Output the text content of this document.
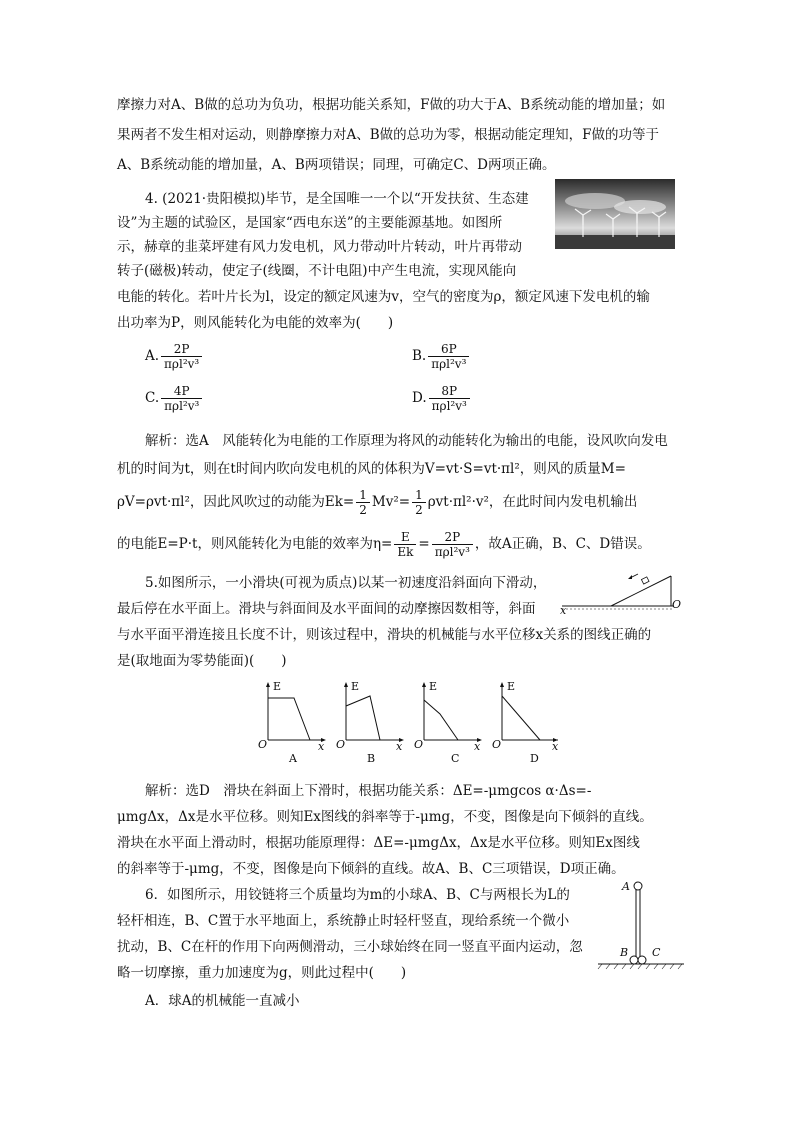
摩擦力对A、B做的总功为负功，根据功能关系知，F做的功大于A、B系统动能的增加量；如
果两者不发生相对运动，则静摩擦力对A、B做的总功为零，根据动能定理知，F做的功等于
A、B系统动能的增加量，A、B两项错误；同理，可确定C、D两项正确。
4. (2021·贵阳模拟)毕节，是全国唯一一个以“开发扶贫、生态建
设”为主题的试验区，是国家“西电东送”的主要能源基地。如图所
示，赫章的韭菜坪建有风力发电机，风力带动叶片转动，叶片再带动
转子(磁极)转动，使定子(线圈，不计电阻)中产生电流，实现风能向
电能的转化。若叶片长为l，设定的额定风速为v，空气的密度为ρ，额定风速下发电机的输
出功率为P，则风能转化为电能的效率为(　　)
A. $\frac{2P}{\text{πρl²v³}}$	B. $\frac{6P}{\text{πρl²v³}}$
C. $\frac{4P}{\text{πρl²v³}}$	D. $\frac{8P}{\text{πρl²v³}}$
解析：选A　风能转化为电能的工作原理为将风的动能转化为输出的电能，设风吹向发电
机的时间为t，则在t时间内吹向发电机的风的体积为V=vt·S=vt·πl²，则风的质量M=
ρV=ρvt·πl²，因此风吹过的动能为$Ek= \frac{1}{2} Mv^2= \frac{1}{2} \rho vt\cdot\pi l^2\cdot v^2$，在此时间内发电机输出
的电能E=P·t，则风能转化为电能的效率为$\eta= \frac{E}{Ek} = \frac{2P}{\text{πρl²v³}}$ ，故A正确，B、C、D错误。
5.如图所示，一小滑块(可视为质点)以某一初速度沿斜面向下滑动，
最后停在水平面上。滑块与斜面间及水平面间的动摩擦因数相等，斜面
与水平面平滑连接且长度不计，则该过程中，滑块的机械能与水平位移x关系的图线正确的
是(取地面为零势能面)(　　)
O
x
E	E	E	E
O	O	O	O
x	x	x	x
A	B	C	D
解析：选D　滑块在斜面上下滑时，根据功能关系：ΔE=-μmgcos α·Δs=-
μmgΔx，Δx是水平位移。则知Ex图线的斜率等于-μmg，不变，图像是向下倾斜的直线。
滑块在水平面上滑动时，根据功能原理得：ΔE=-μmgΔx，Δx是水平位移。则知Ex图线
的斜率等于-μmg，不变，图像是向下倾斜的直线。故A、B、C三项错误，D项正确。
6．如图所示，用铰链将三个质量均为m的小球A、B、C与两根长为L的
轻杆相连，B、C置于水平地面上，系统静止时轻杆竖直，现给系统一个微小
扰动，B、C在杆的作用下向两侧滑动，三小球始终在同一竖直平面内运动，忽
略一切摩擦，重力加速度为g，则此过程中(　　)
A．球A的机械能一直减小
A
B C
